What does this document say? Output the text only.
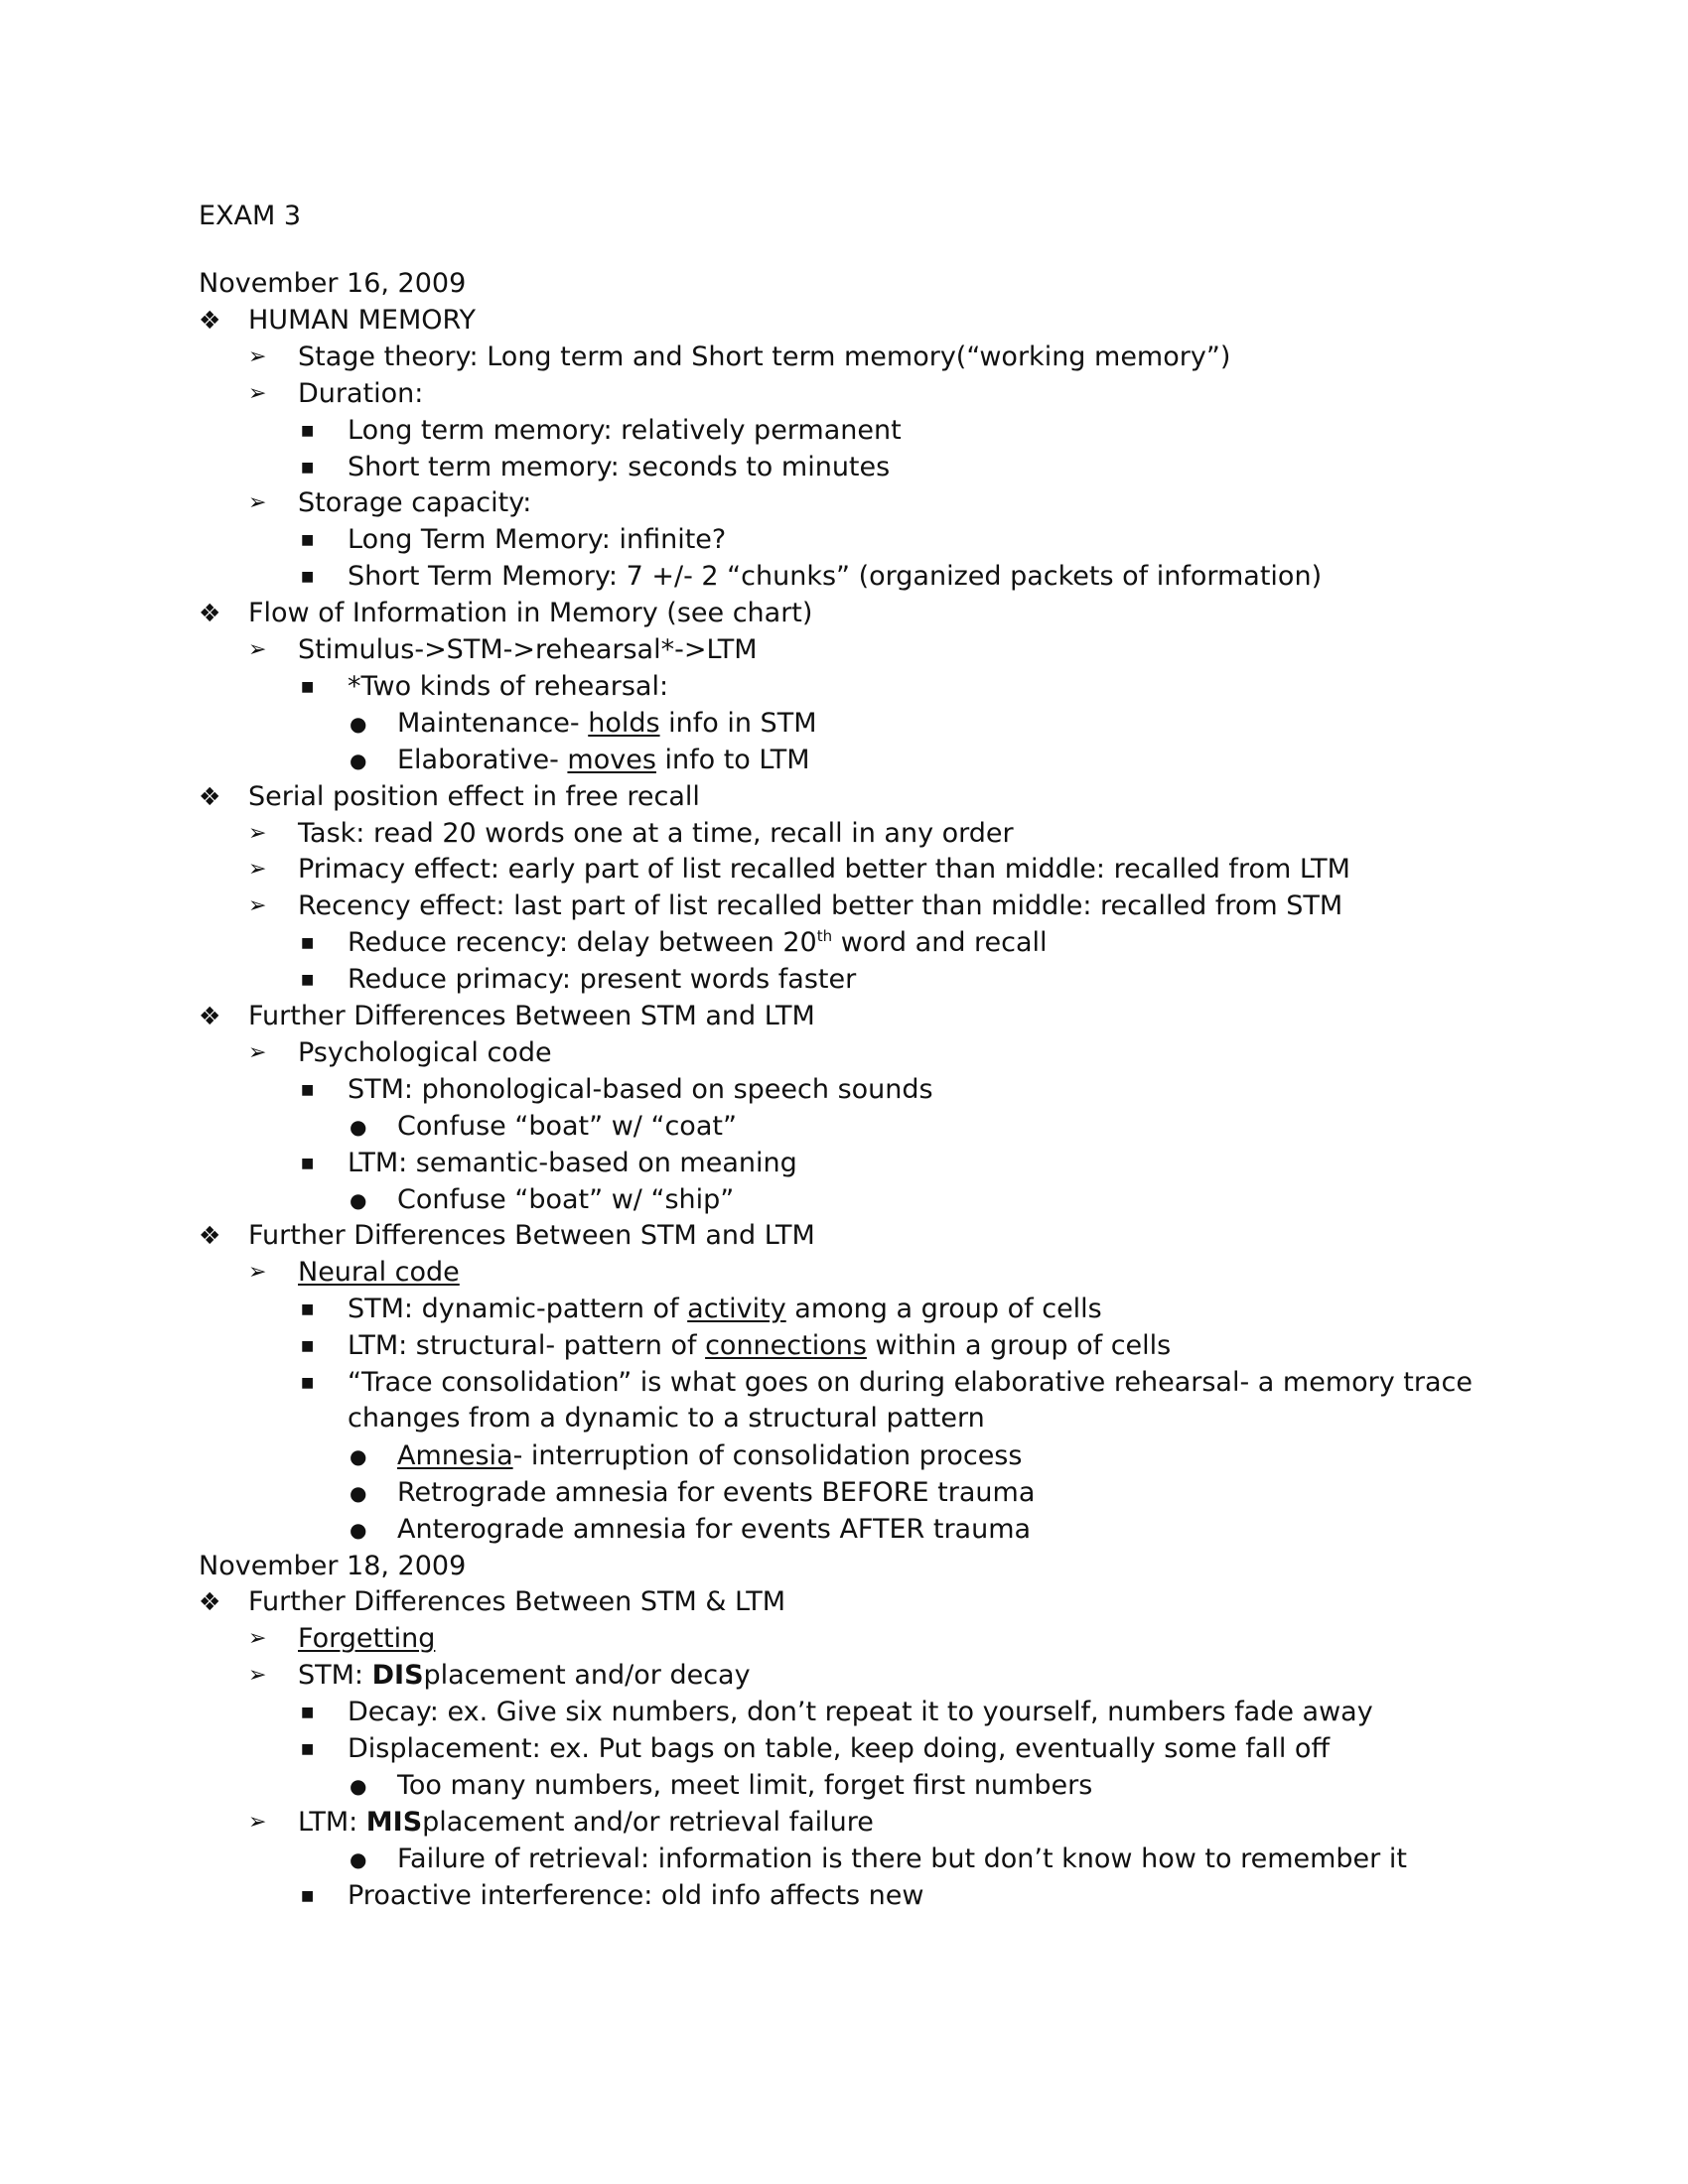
EXAM 3
November 16, 2009
❖ HUMAN MEMORY
➢ Stage theory: Long term and Short term memory(“working memory”)
➢ Duration:
■ Long term memory: relatively permanent
■ Short term memory: seconds to minutes
➢ Storage capacity:
■ Long Term Memory: infinite?
■ Short Term Memory: 7 +/- 2 “chunks” (organized packets of information)
❖ Flow of Information in Memory (see chart)
➢ Stimulus->STM->rehearsal*->LTM
■ *Two kinds of rehearsal:
● Maintenance- holds info in STM
● Elaborative- moves info to LTM
❖ Serial position effect in free recall
➢ Task: read 20 words one at a time, recall in any order
➢ Primacy effect: early part of list recalled better than middle: recalled from LTM
➢ Recency effect: last part of list recalled better than middle: recalled from STM
■ Reduce recency: delay between 20th word and recall
■ Reduce primacy: present words faster
❖ Further Differences Between STM and LTM
➢ Psychological code
■ STM: phonological-based on speech sounds
● Confuse “boat” w/ “coat”
■ LTM: semantic-based on meaning
● Confuse “boat” w/ “ship”
❖ Further Differences Between STM and LTM
➢ Neural code
■ STM: dynamic-pattern of activity among a group of cells
■ LTM: structural- pattern of connections within a group of cells
■ “Trace consolidation” is what goes on during elaborative rehearsal- a memory trace changes from a dynamic to a structural pattern
● Amnesia- interruption of consolidation process
● Retrograde amnesia for events BEFORE trauma
● Anterograde amnesia for events AFTER trauma
November 18, 2009
❖ Further Differences Between STM & LTM
➢ Forgetting
➢ STM: DISplacement and/or decay
■ Decay: ex. Give six numbers, don’t repeat it to yourself, numbers fade away
■ Displacement: ex. Put bags on table, keep doing, eventually some fall off
● Too many numbers, meet limit, forget first numbers
➢ LTM: MISplacement and/or retrieval failure
● Failure of retrieval: information is there but don’t know how to remember it
■ Proactive interference: old info affects new
